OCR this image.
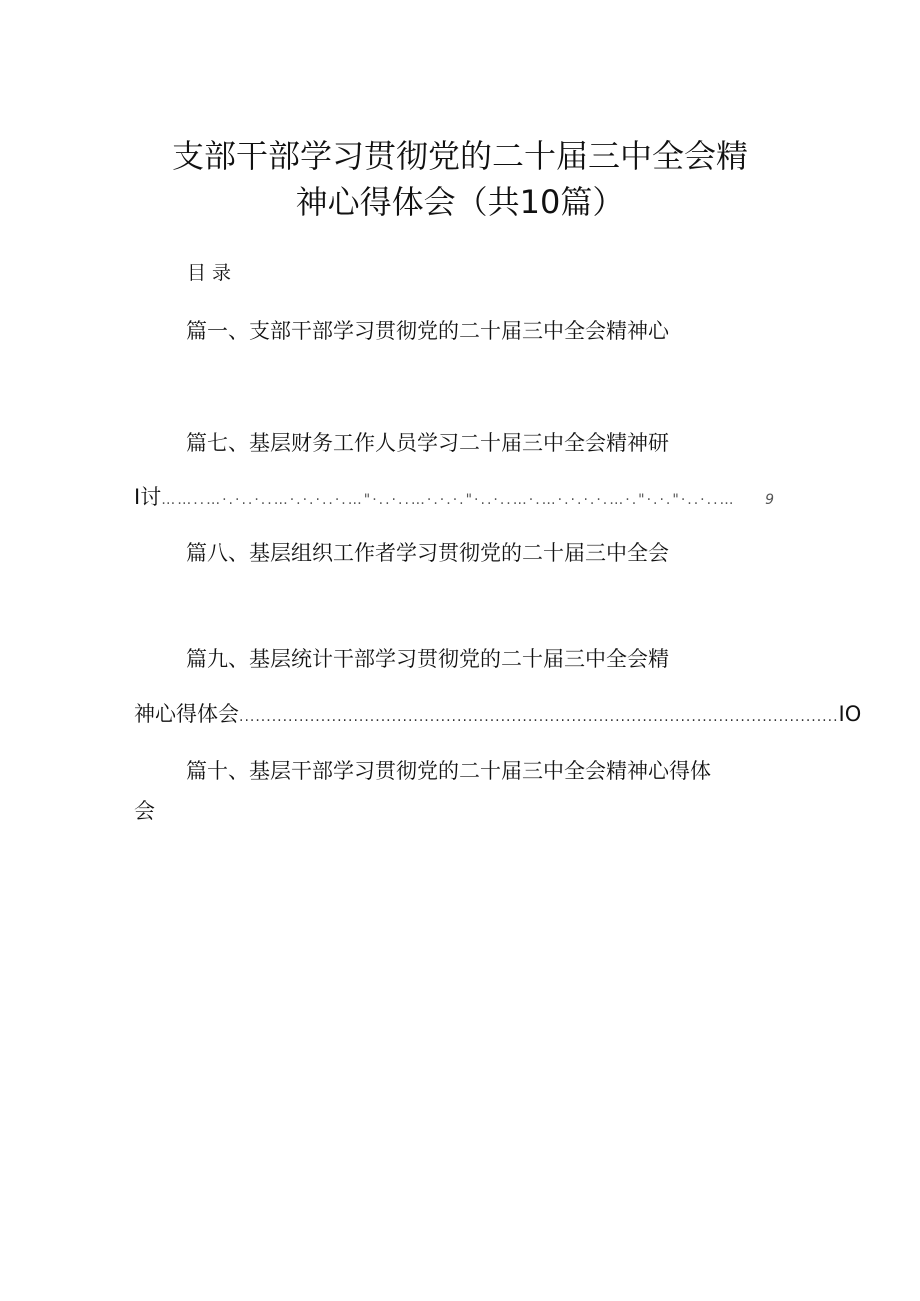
支部干部学习贯彻党的二十届三中全会精
神心得体会（共10篇）
目录
篇一、支部干部学习贯彻党的二十届三中全会精神心
篇七、基层财务工作人员学习二十届三中全会精神研
I讨 ……..…·.·..·..…·.·.·..·.…"·..·..…·.·.·."·..·..…·.…·.·.·.·.…·."·.·."·..·..…	9
篇八、基层组织工作者学习贯彻党的二十届三中全会
篇九、基层统计干部学习贯彻党的二十届三中全会精
神心得体会 .............................................................................................................. IO
篇十、基层干部学习贯彻党的二十届三中全会精神心得体
会
